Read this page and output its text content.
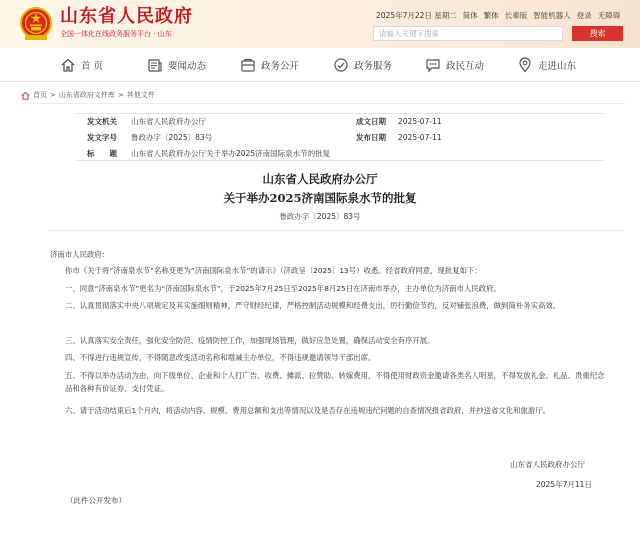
山东省人民政府
全国一体化在线政务服务平台 · 山东
2025年7月22日 星期二 简体 繁体 长辈版 智能机器人 登录 无障碍
请输入关键字搜索	搜索
首 页	要闻动态	政务公开	政务服务	政民互动	走进山东
首页 > 山东省政府文件库 > 其他文件
发文机关 山东省人民政府办公厅	成文日期 2025-07-11
发文字号 鲁政办字〔2025〕83号	发布日期 2025-07-11
标　　题 山东省人民政府办公厅关于举办2025济南国际泉水节的批复
山东省人民政府办公厅
关于举办2025济南国际泉水节的批复
鲁政办字〔2025〕83号
济南市人民政府：
你市《关于将“济南泉水节”名称变更为“济南国际泉水节”的请示》（济政呈〔2025〕13号）收悉。经省政府同意，现批复如下：
一、同意“济南泉水节”更名为“济南国际泉水节”，于2025年7月25日至2025年8月25日在济南市举办，主办单位为济南市人民政府。
二、认真贯彻落实中央八项规定及其实施细则精神，严守财经纪律，严格控制活动规模和经费支出，厉行勤俭节约，反对铺张浪费，做到简朴务实高效。
三、认真落实安全责任，强化安全防范、疫情防控工作，加强现场管理，做好应急处置，确保活动安全有序开展。
四、不得进行违规宣传，不得随意改变活动名称和增减主办单位，不得违规邀请领导干部出席。
五、不得以举办活动为由，向下级单位、企业和个人打广告、收费、摊派、拉赞助、转嫁费用，不得使用财政资金邀请各类名人明星，不得发放礼金、礼品、贵重纪念品和各种有价证券、支付凭证。
六、请于活动结束后1个月内，将活动内容、规模、费用总额和支出等情况以及是否存在违规违纪问题的自查情况报省政府，并抄送省文化和旅游厅。
山东省人民政府办公厅
2025年7月11日
（此件公开发布）
